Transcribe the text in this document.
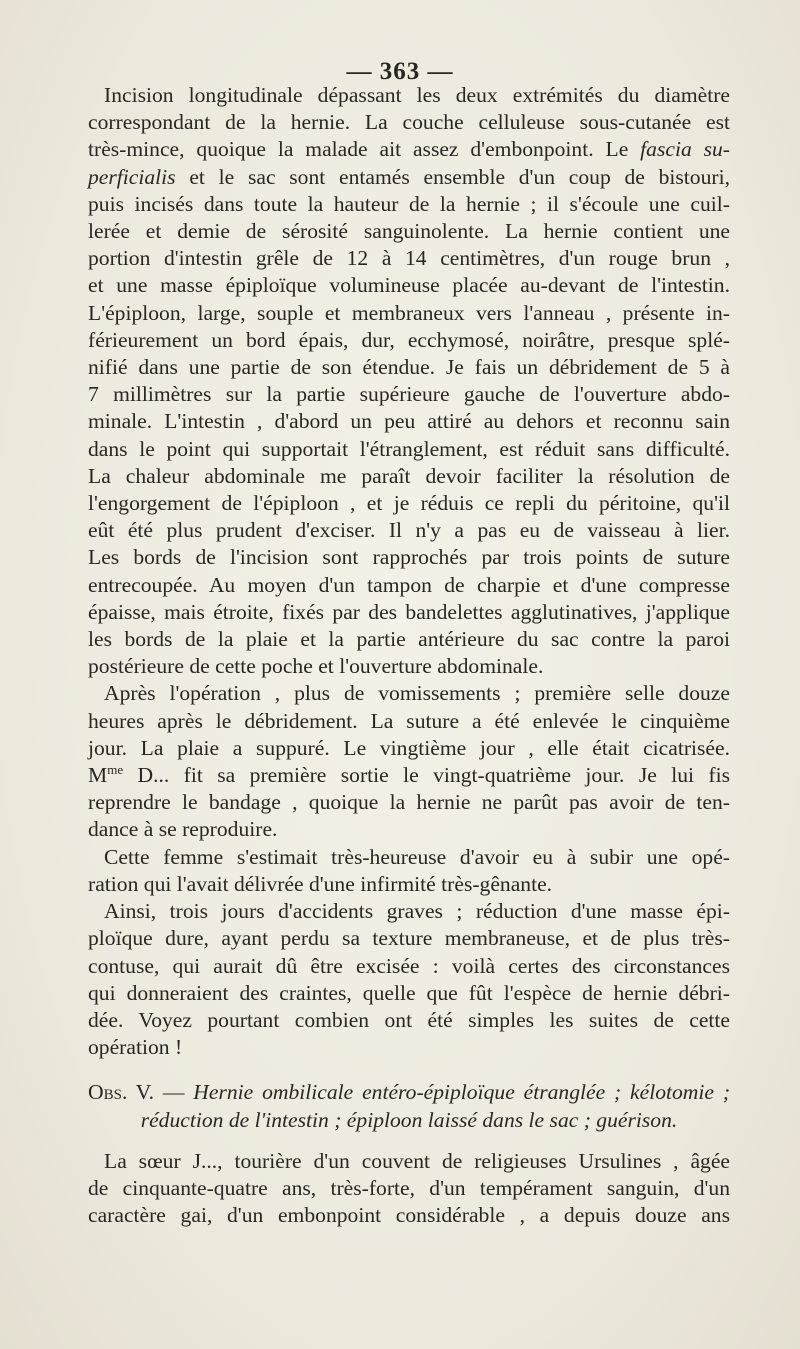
— 363 —
Incision longitudinale dépassant les deux extrémités du diamètre
correspondant de la hernie. La couche celluleuse sous-cutanée est
très-mince, quoique la malade ait assez d'embonpoint. Le fascia su-
perficialis et le sac sont entamés ensemble d'un coup de bistouri,
puis incisés dans toute la hauteur de la hernie ; il s'écoule une cuil-
lerée et demie de sérosité sanguinolente. La hernie contient une
portion d'intestin grêle de 12 à 14 centimètres, d'un rouge brun ,
et une masse épiploïque volumineuse placée au-devant de l'intestin.
L'épiploon, large, souple et membraneux vers l'anneau , présente in-
férieurement un bord épais, dur, ecchymosé, noirâtre, presque splé-
nifié dans une partie de son étendue. Je fais un débridement de 5 à
7 millimètres sur la partie supérieure gauche de l'ouverture abdo-
minale. L'intestin , d'abord un peu attiré au dehors et reconnu sain
dans le point qui supportait l'étranglement, est réduit sans difficulté.
La chaleur abdominale me paraît devoir faciliter la résolution de
l'engorgement de l'épiploon , et je réduis ce repli du péritoine, qu'il
eût été plus prudent d'exciser. Il n'y a pas eu de vaisseau à lier.
Les bords de l'incision sont rapprochés par trois points de suture
entrecoupée. Au moyen d'un tampon de charpie et d'une compresse
épaisse, mais étroite, fixés par des bandelettes agglutinatives, j'applique
les bords de la plaie et la partie antérieure du sac contre la paroi
postérieure de cette poche et l'ouverture abdominale.
Après l'opération , plus de vomissements ; première selle douze
heures après le débridement. La suture a été enlevée le cinquième
jour. La plaie a suppuré. Le vingtième jour , elle était cicatrisée.
$M^{me}$ D... fit sa première sortie le vingt-quatrième jour. Je lui fis
reprendre le bandage , quoique la hernie ne parût pas avoir de ten-
dance à se reproduire.
Cette femme s'estimait très-heureuse d'avoir eu à subir une opé-
ration qui l'avait délivrée d'une infirmité très-gênante.
Ainsi, trois jours d'accidents graves ; réduction d'une masse épi-
ploïque dure, ayant perdu sa texture membraneuse, et de plus très-
contuse, qui aurait dû être excisée : voilà certes des circonstances
qui donneraient des craintes, quelle que fût l'espèce de hernie débri-
dée. Voyez pourtant combien ont été simples les suites de cette
opération !
Obs. V. — Hernie ombilicale entéro-épiploïque étranglée ; kélotomie ;
réduction de l'intestin ; épiploon laissé dans le sac ; guérison.
La sœur J..., tourière d'un couvent de religieuses Ursulines , âgée
de cinquante-quatre ans, très-forte, d'un tempérament sanguin, d'un
caractère gai, d'un embonpoint considérable , a depuis douze ans
